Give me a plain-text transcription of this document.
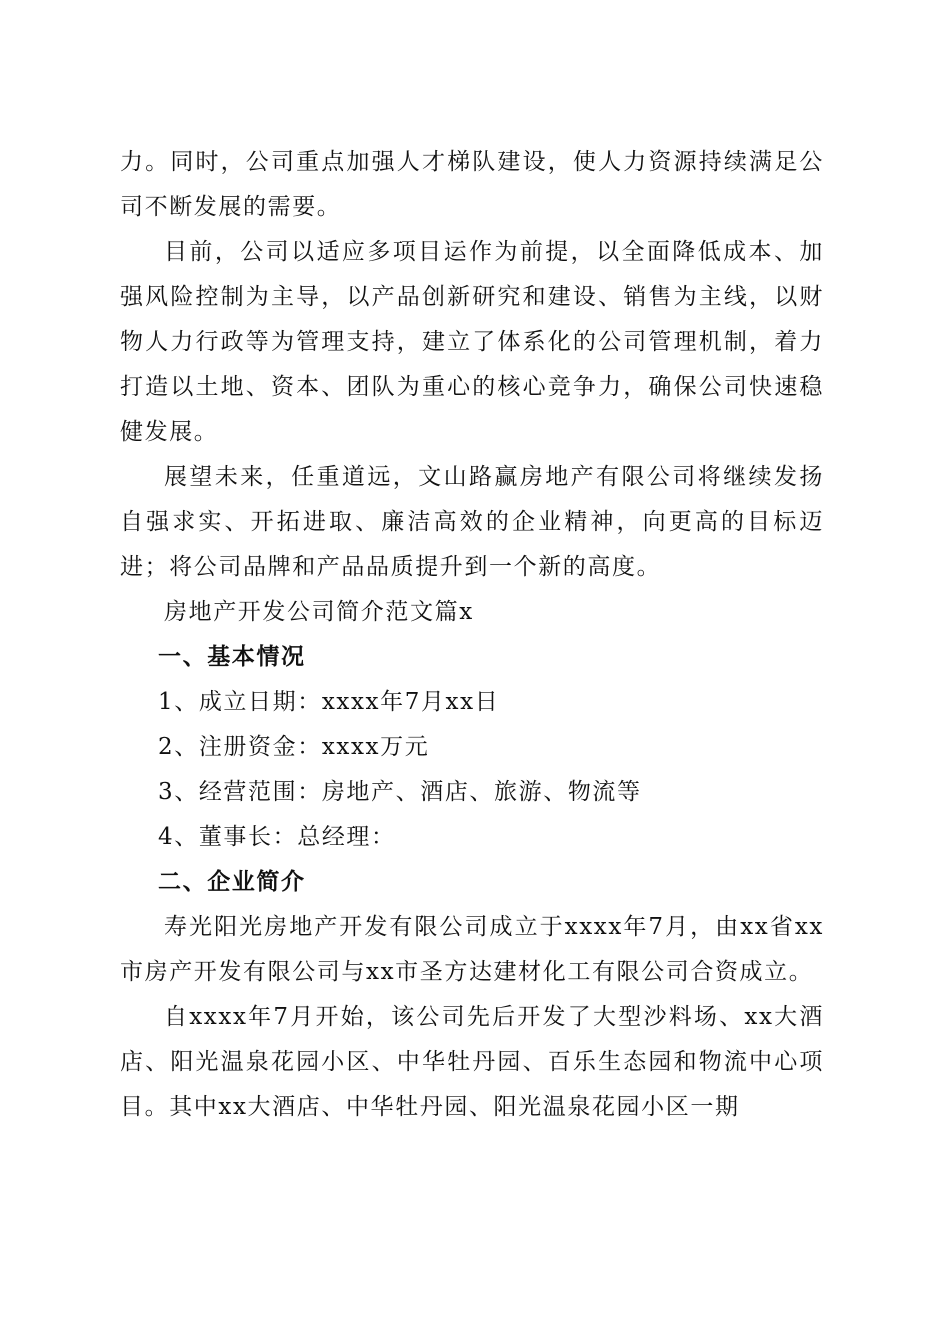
力。同时，公司重点加强人才梯队建设，使人力资源持续满足公司不断发展的需要。

目前，公司以适应多项目运作为前提，以全面降低成本、加强风险控制为主导，以产品创新研究和建设、销售为主线，以财物人力行政等为管理支持，建立了体系化的公司管理机制，着力打造以土地、资本、团队为重心的核心竞争力，确保公司快速稳健发展。

展望未来，任重道远，文山路赢房地产有限公司将继续发扬自强求实、开拓进取、廉洁高效的企业精神，向更高的目标迈进；将公司品牌和产品品质提升到一个新的高度。

房地产开发公司简介范文篇x

一、基本情况

1、成立日期：xxxx年7月xx日

2、注册资金：xxxx万元

3、经营范围：房地产、酒店、旅游、物流等

4、董事长：总经理：

二、企业简介

寿光阳光房地产开发有限公司成立于xxxx年7月，由xx省xx市房产开发有限公司与xx市圣方达建材化工有限公司合资成立。

自xxxx年7月开始，该公司先后开发了大型沙料场、xx大酒店、阳光温泉花园小区、中华牡丹园、百乐生态园和物流中心项目。其中xx大酒店、中华牡丹园、阳光温泉花园小区一期
